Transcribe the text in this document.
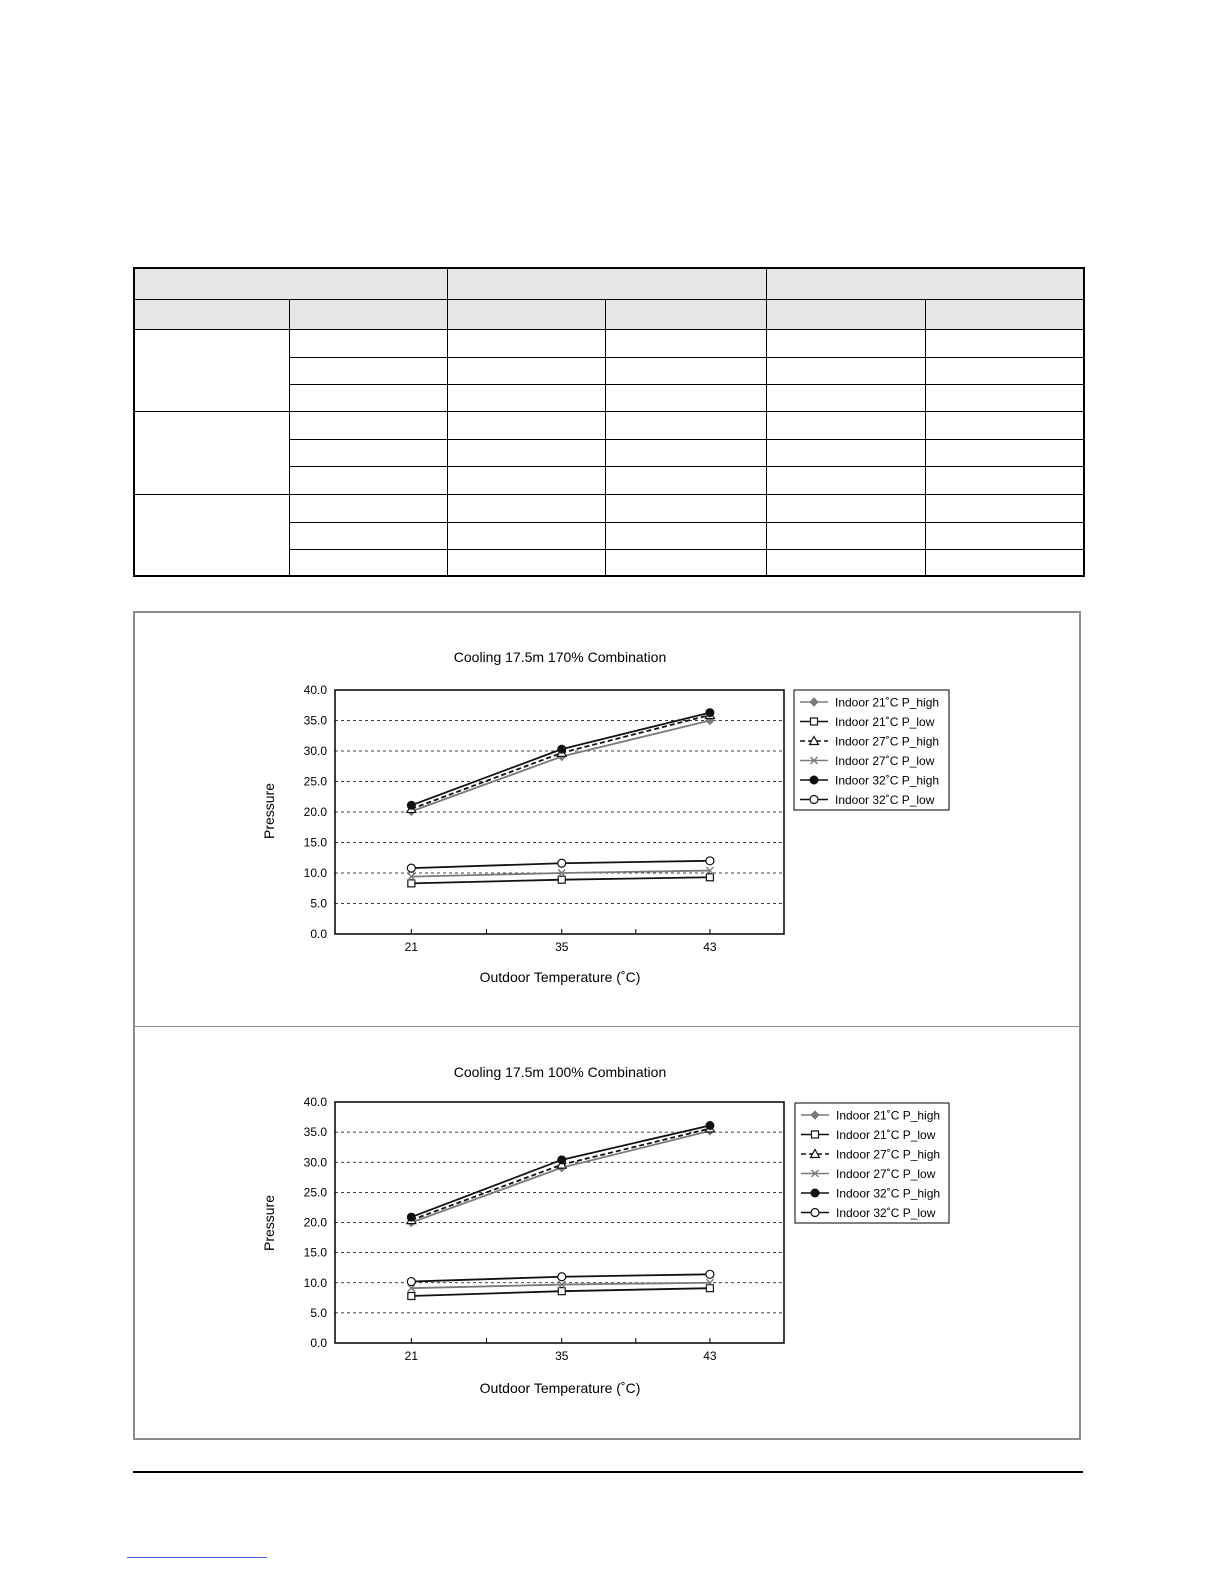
Cooling 17.5m 170% Combination
Pressure
Outdoor Temperature (˚C)
0.0
5.0
10.0
15.0
20.0
25.0
30.0
35.0
40.0
21	35	43
Indoor 21˚C P_high
Indoor 21˚C P_low
Indoor 27˚C P_high
Indoor 27˚C P_low
Indoor 32˚C P_high
Indoor 32˚C P_low
Cooling 17.5m 100% Combination
Pressure
Outdoor Temperature (˚C)
0.0
5.0
10.0
15.0
20.0
25.0
30.0
35.0
40.0
21	35	43
Indoor 21˚C P_high
Indoor 21˚C P_low
Indoor 27˚C P_high
Indoor 27˚C P_low
Indoor 32˚C P_high
Indoor 32˚C P_low
